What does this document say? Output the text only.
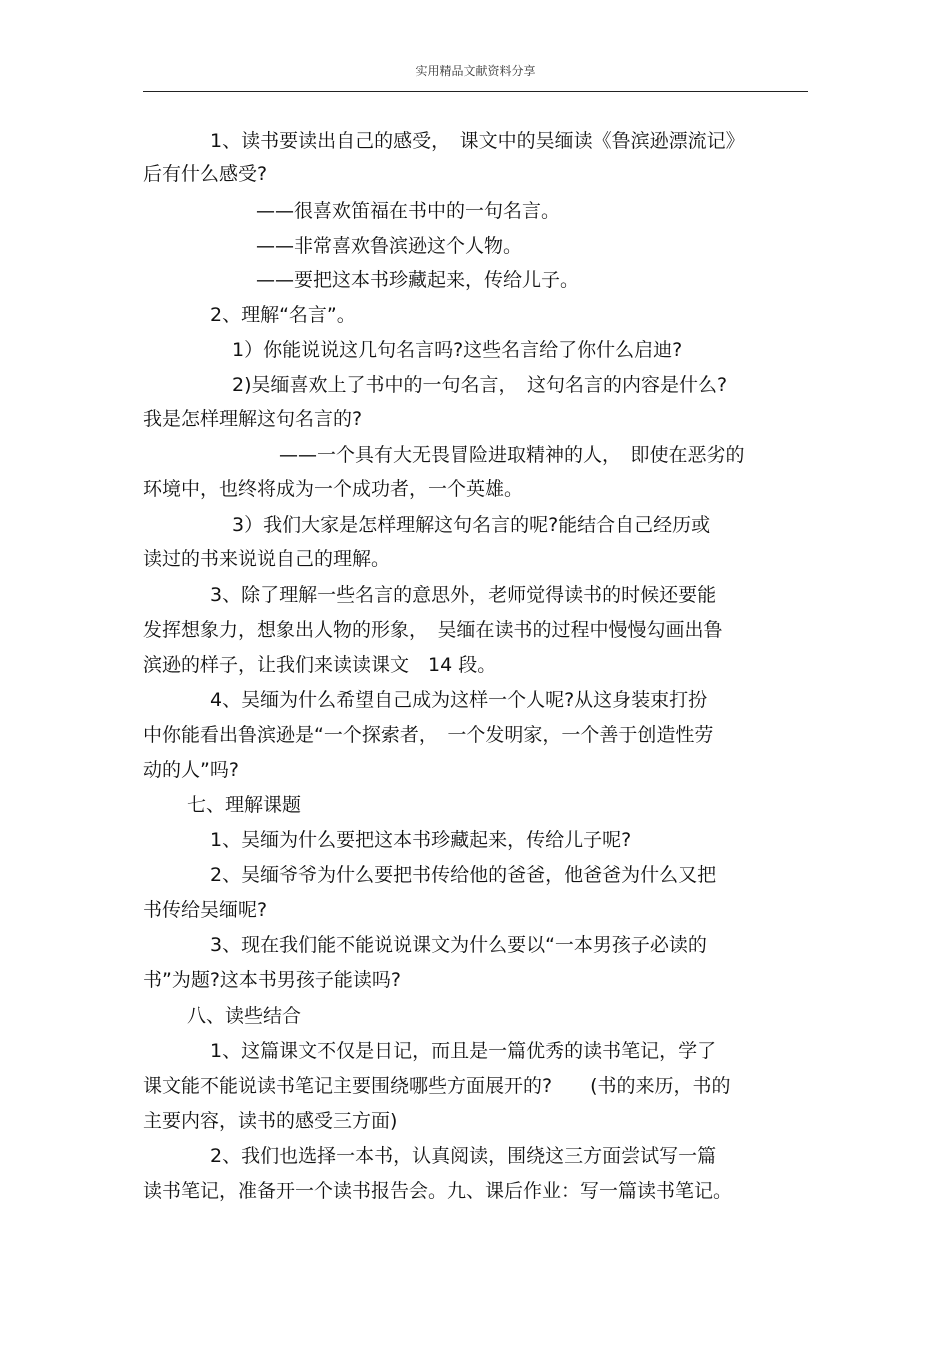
实用精品文献资料分享
1、读书要读出自己的感受，　课文中的吴缅读《鲁滨逊漂流记》
后有什么感受?
——很喜欢笛福在书中的一句名言。
——非常喜欢鲁滨逊这个人物。
——要把这本书珍藏起来，传给儿子。
2、理解“名言”。
1）你能说说这几句名言吗?这些名言给了你什么启迪?
2)吴缅喜欢上了书中的一句名言，　这句名言的内容是什么?
我是怎样理解这句名言的?
——一个具有大无畏冒险进取精神的人，　即使在恶劣的
环境中，也终将成为一个成功者，一个英雄。
3）我们大家是怎样理解这句名言的呢?能结合自己经历或
读过的书来说说自己的理解。
3、除了理解一些名言的意思外，老师觉得读书的时候还要能
发挥想象力，想象出人物的形象，　吴缅在读书的过程中慢慢勾画出鲁
滨逊的样子，让我们来读读课文　14 段。
4、吴缅为什么希望自己成为这样一个人呢?从这身装束打扮
中你能看出鲁滨逊是“一个探索者，　一个发明家，一个善于创造性劳
动的人”吗?
七、理解课题
1、吴缅为什么要把这本书珍藏起来，传给儿子呢?
2、吴缅爷爷为什么要把书传给他的爸爸，他爸爸为什么又把
书传给吴缅呢?
3、现在我们能不能说说课文为什么要以“一本男孩子必读的
书”为题?这本书男孩子能读吗?
八、读些结合
1、这篇课文不仅是日记，而且是一篇优秀的读书笔记，学了
课文能不能说读书笔记主要围绕哪些方面展开的?　　(书的来历，书的
主要内容，读书的感受三方面)
2、我们也选择一本书，认真阅读，围绕这三方面尝试写一篇
读书笔记，准备开一个读书报告会。九、课后作业：写一篇读书笔记。
